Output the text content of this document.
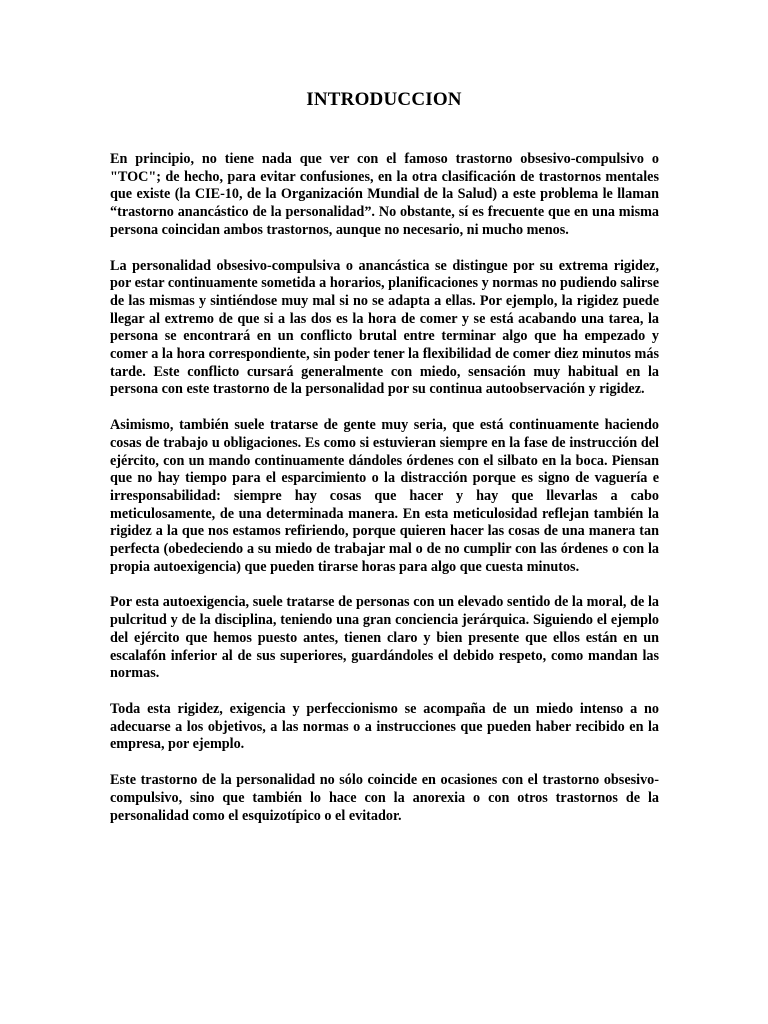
INTRODUCCION

En principio, no tiene nada que ver con el famoso trastorno obsesivo-compulsivo o "TOC"; de hecho, para evitar confusiones, en la otra clasificación de trastornos mentales que existe (la CIE-10, de la Organización Mundial de la Salud) a este problema le llaman “trastorno anancástico de la personalidad”. No obstante, sí es frecuente que en una misma persona coincidan ambos trastornos, aunque no necesario, ni mucho menos.

La personalidad obsesivo-compulsiva o anancástica se distingue por su extrema rigidez, por estar continuamente sometida a horarios, planificaciones y normas no pudiendo salirse de las mismas y sintiéndose muy mal si no se adapta a ellas. Por ejemplo, la rigidez puede llegar al extremo de que si a las dos es la hora de comer y se está acabando una tarea, la persona se encontrará en un conflicto brutal entre terminar algo que ha empezado y comer a la hora correspondiente, sin poder tener la flexibilidad de comer diez minutos más tarde. Este conflicto cursará generalmente con miedo, sensación muy habitual en la persona con este trastorno de la personalidad por su continua autoobservación y rigidez.

Asimismo, también suele tratarse de gente muy seria, que está continuamente haciendo cosas de trabajo u obligaciones. Es como si estuvieran siempre en la fase de instrucción del ejército, con un mando continuamente dándoles órdenes con el silbato en la boca. Piensan que no hay tiempo para el esparcimiento o la distracción porque es signo de vaguería e irresponsabilidad: siempre hay cosas que hacer y hay que llevarlas a cabo meticulosamente, de una determinada manera. En esta meticulosidad reflejan también la rigidez a la que nos estamos refiriendo, porque quieren hacer las cosas de una manera tan perfecta (obedeciendo a su miedo de trabajar mal o de no cumplir con las órdenes o con la propia autoexigencia) que pueden tirarse horas para algo que cuesta minutos.

Por esta autoexigencia, suele tratarse de personas con un elevado sentido de la moral, de la pulcritud y de la disciplina, teniendo una gran conciencia jerárquica. Siguiendo el ejemplo del ejército que hemos puesto antes, tienen claro y bien presente que ellos están en un escalafón inferior al de sus superiores, guardándoles el debido respeto, como mandan las normas.

Toda esta rigidez, exigencia y perfeccionismo se acompaña de un miedo intenso a no adecuarse a los objetivos, a las normas o a instrucciones que pueden haber recibido en la empresa, por ejemplo.

Este trastorno de la personalidad no sólo coincide en ocasiones con el trastorno obsesivo-compulsivo, sino que también lo hace con la anorexia o con otros trastornos de la personalidad como el esquizotípico o el evitador.
